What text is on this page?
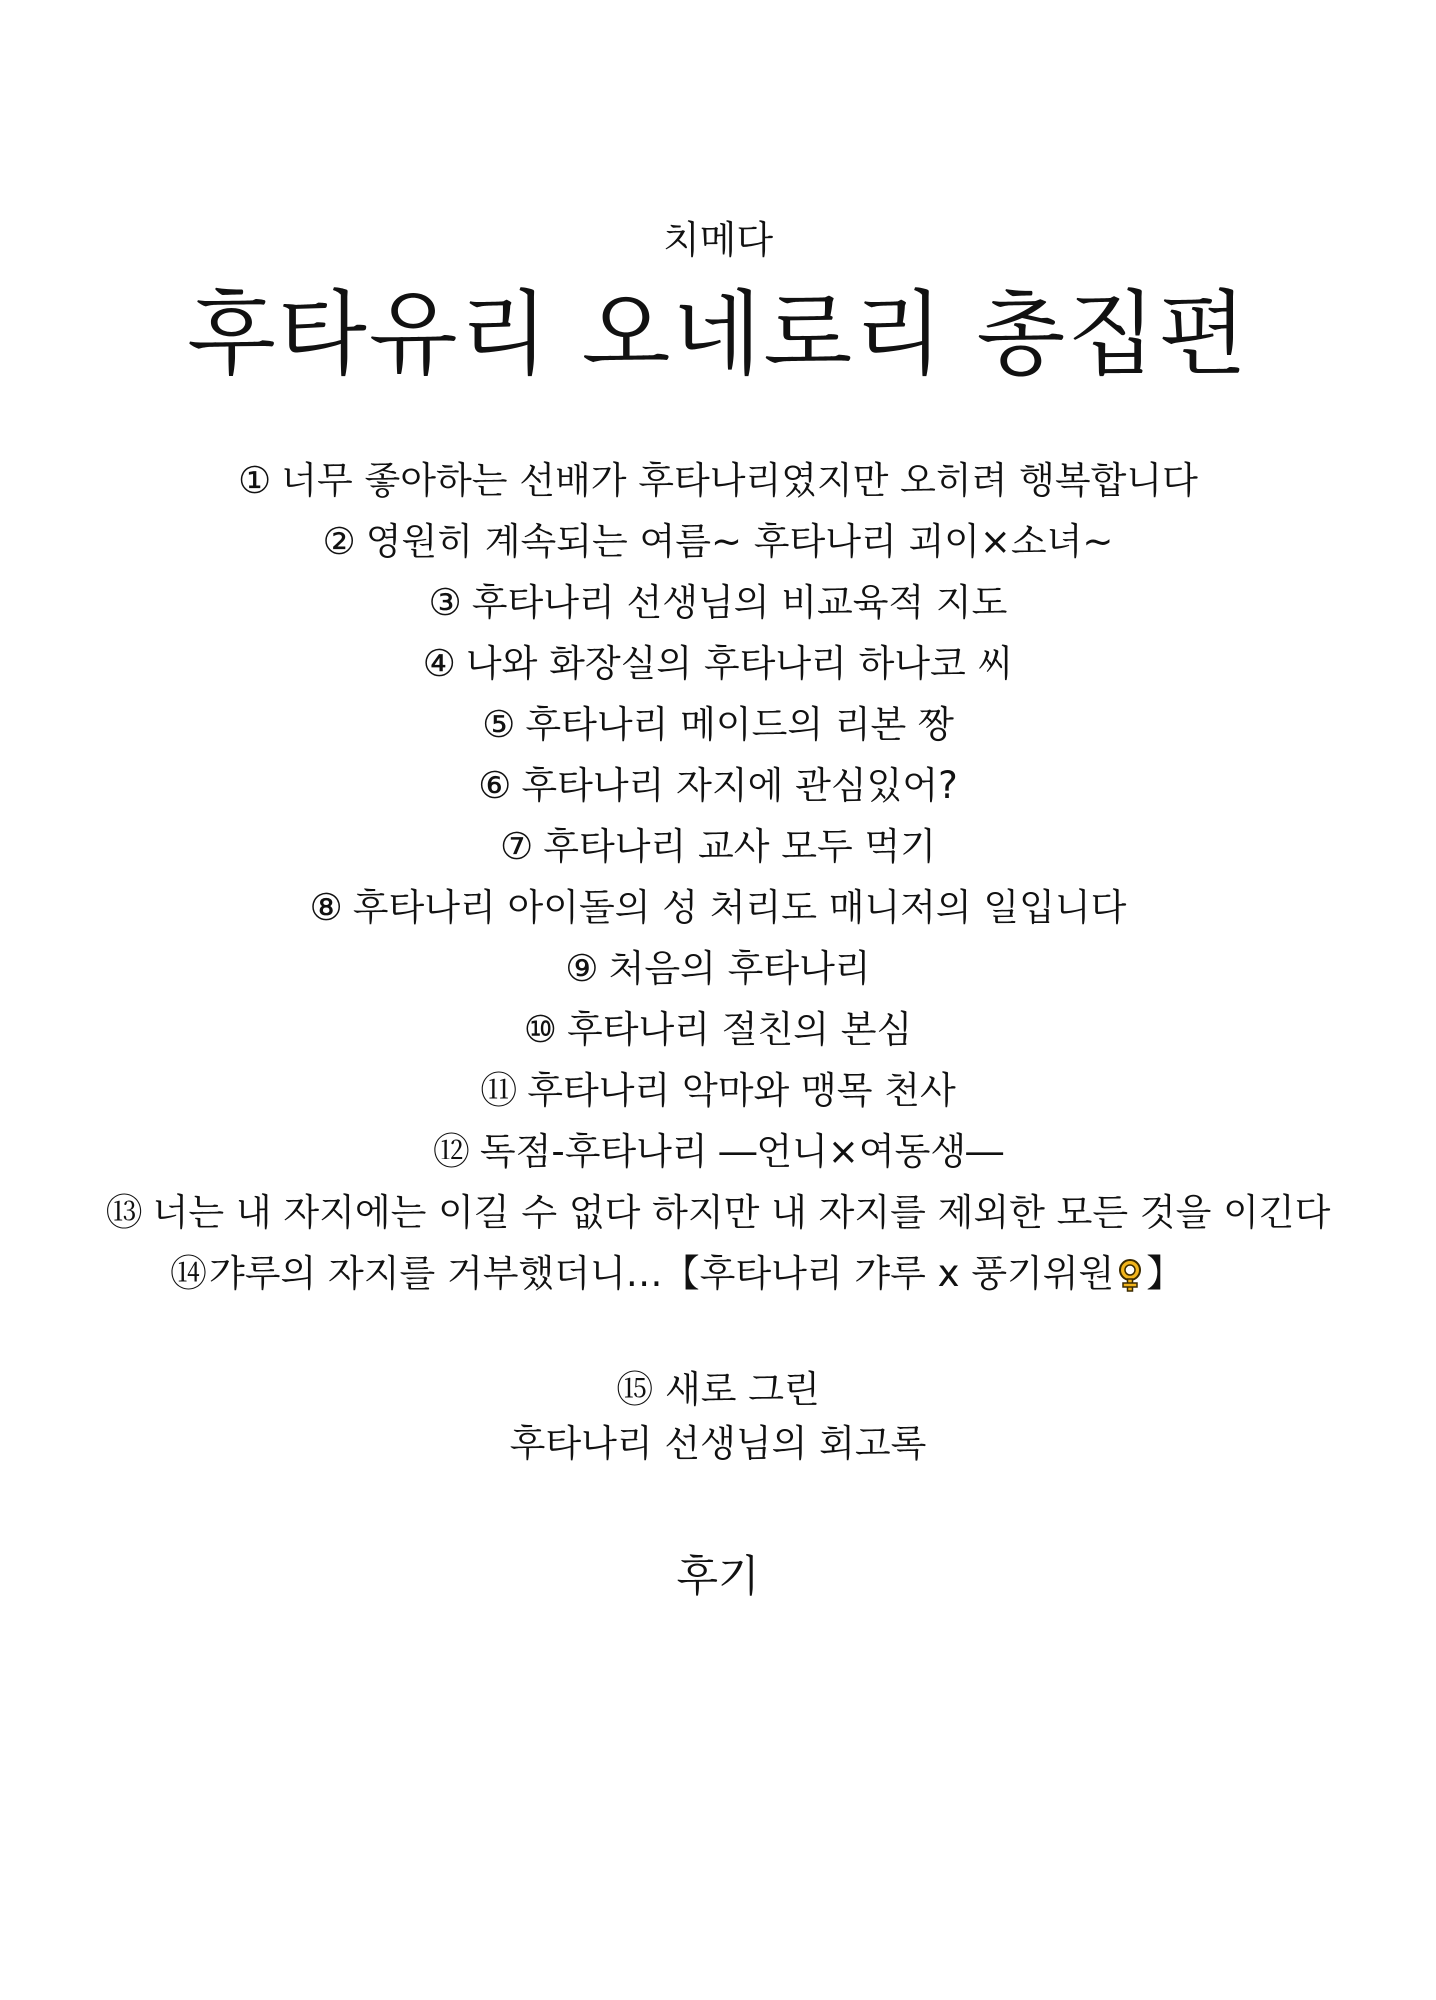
치메다
후타유리 오네로리 총집편
① 너무 좋아하는 선배가 후타나리였지만 오히려 행복합니다
② 영원히 계속되는 여름~ 후타나리 괴이×소녀~
③ 후타나리 선생님의 비교육적 지도
④ 나와 화장실의 후타나리 하나코 씨
⑤ 후타나리 메이드의 리본 짱
⑥ 후타나리 자지에 관심있어?
⑦ 후타나리 교사 모두 먹기
⑧ 후타나리 아이돌의 성 처리도 매니저의 일입니다
⑨ 처음의 후타나리
⑩ 후타나리 절친의 본심
⑪ 후타나리 악마와 맹목 천사
⑫ 독점-후타나리 ―언니×여동생―
⑬ 너는 내 자지에는 이길 수 없다 하지만 내 자지를 제외한 모든 것을 이긴다
⑭갸루의 자지를 거부했더니…【후타나리 갸루 x 풍기위원 】
⑮ 새로 그린
후타나리 선생님의 회고록
후기
